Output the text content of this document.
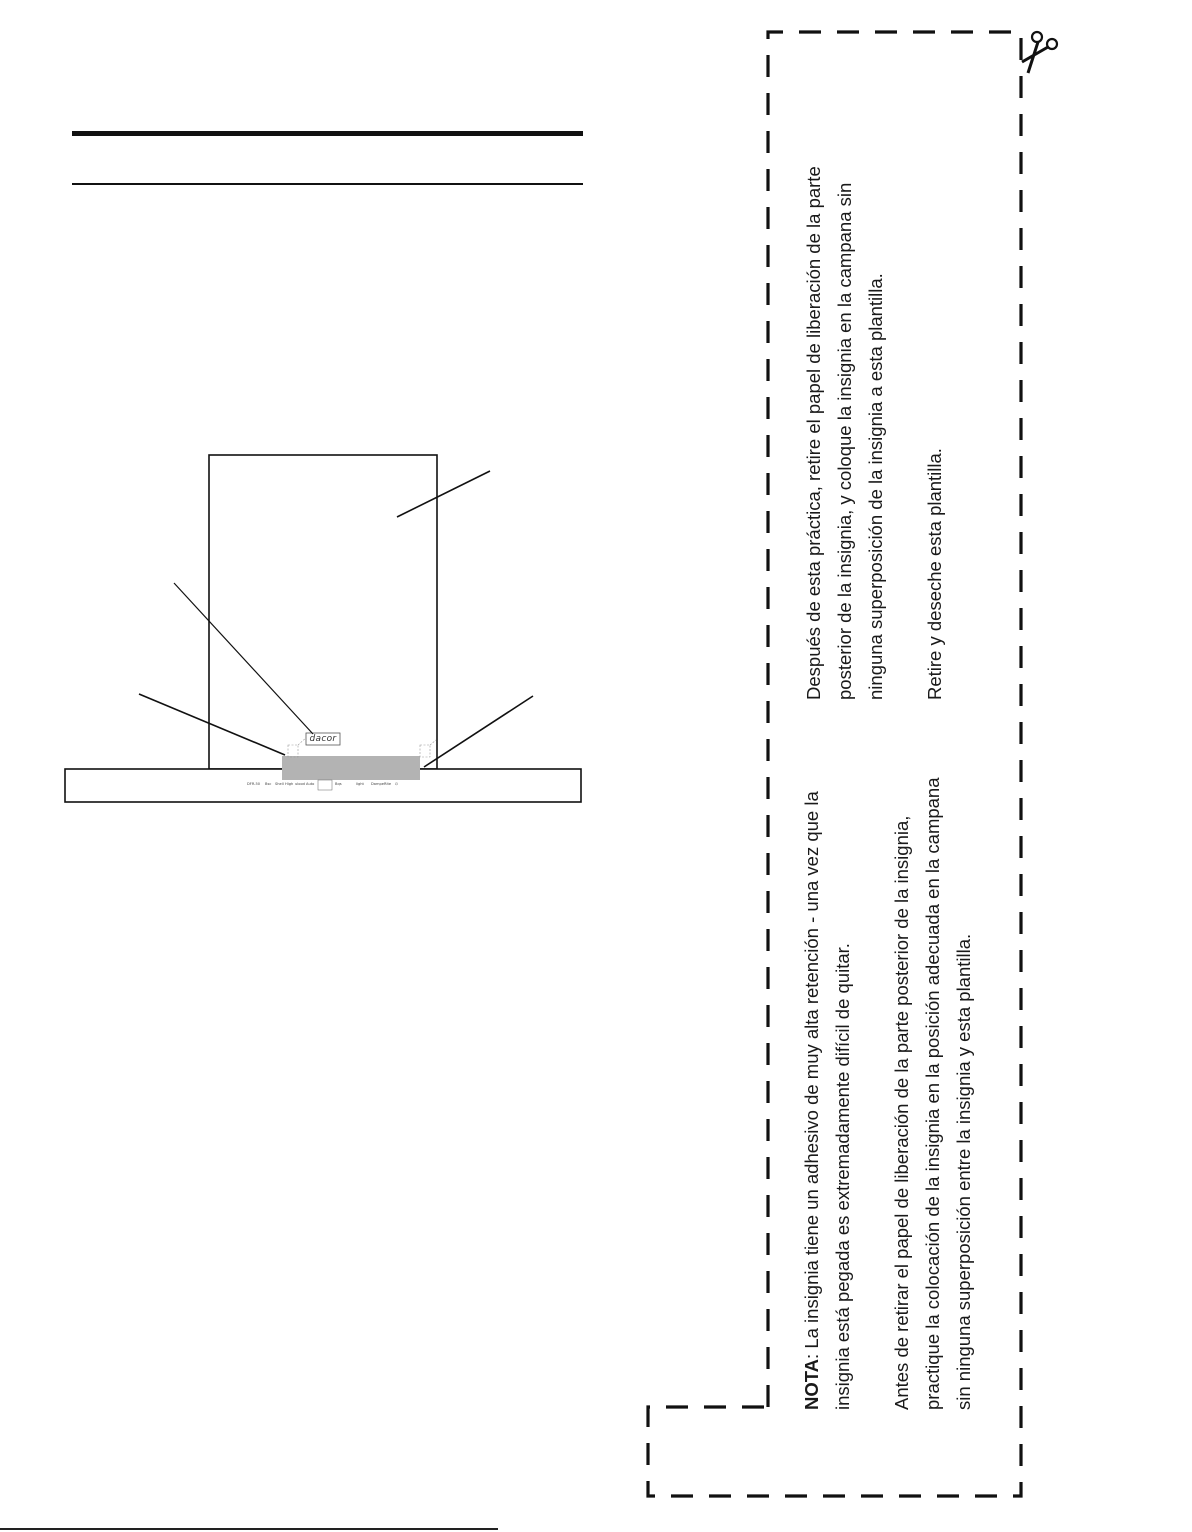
dacor
DFR-50 Bsc Shell High ulood Auto	Bqs	light DampeRite ⏻

NOTA: La insignia tiene un adhesivo de muy alta retención - una vez que la insignia está pegada es extremadamente difícil de quitar. Antes de retirar el papel de liberación de la parte posterior de la insignia, practique la colocación de la insignia en la posición adecuada en la campana sin ninguna superposición entre la insignia y esta plantilla.

Después de esta práctica, retire el papel de liberación de la parte posterior de la insignia, y coloque la insignia en la campana sin ninguna superposición de la insignia a esta plantilla. Retire y deseche esta plantilla.
